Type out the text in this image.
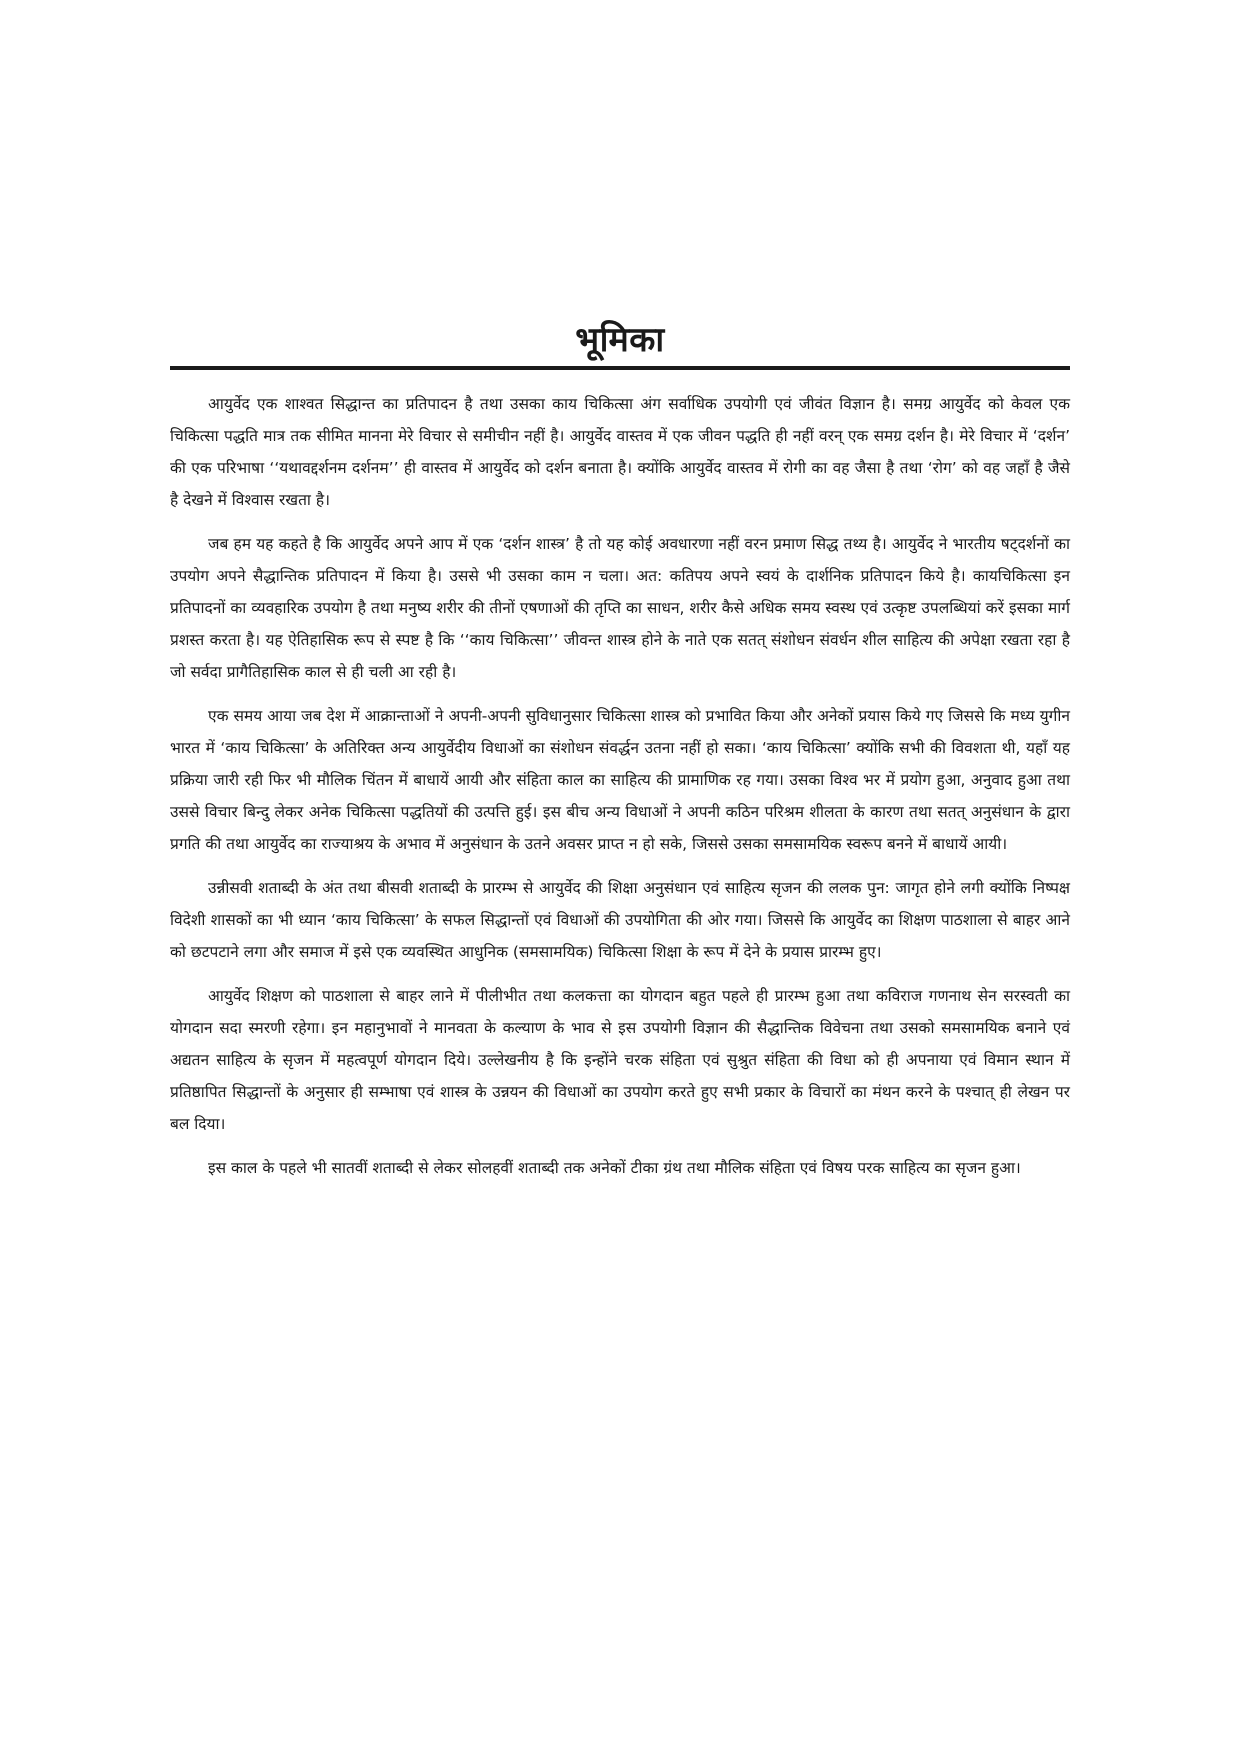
भूमिका

आयुर्वेद एक शाश्वत सिद्धान्त का प्रतिपादन है तथा उसका काय चिकित्सा अंग सर्वाधिक उपयोगी एवं जीवंत विज्ञान है। समग्र आयुर्वेद को केवल एक चिकित्सा पद्धति मात्र तक सीमित मानना मेरे विचार से समीचीन नहीं है। आयुर्वेद वास्तव में एक जीवन पद्धति ही नहीं वरन् एक समग्र दर्शन है। मेरे विचार में ‘दर्शन’ की एक परिभाषा ‘‘यथावद्दर्शनम दर्शनम’’ ही वास्तव में आयुर्वेद को दर्शन बनाता है। क्योंकि आयुर्वेद वास्तव में रोगी का वह जैसा है तथा ‘रोग’ को वह जहाँ है जैसे है देखने में विश्वास रखता है।

जब हम यह कहते है कि आयुर्वेद अपने आप में एक ‘दर्शन शास्त्र’ है तो यह कोई अवधारणा नहीं वरन प्रमाण सिद्ध तथ्य है। आयुर्वेद ने भारतीय षट्दर्शनों का उपयोग अपने सैद्धान्तिक प्रतिपादन में किया है। उससे भी उसका काम न चला। अत: कतिपय अपने स्वयं के दार्शनिक प्रतिपादन किये है। कायचिकित्सा इन प्रतिपादनों का व्यवहारिक उपयोग है तथा मनुष्य शरीर की तीनों एषणाओं की तृप्ति का साधन, शरीर कैसे अधिक समय स्वस्थ एवं उत्कृष्ट उपलब्धियां करें इसका मार्ग प्रशस्त करता है। यह ऐतिहासिक रूप से स्पष्ट है कि ‘‘काय चिकित्सा’’ जीवन्त शास्त्र होने के नाते एक सतत् संशोधन संवर्धन शील साहित्य की अपेक्षा रखता रहा है जो सर्वदा प्रागैतिहासिक काल से ही चली आ रही है।

एक समय आया जब देश में आक्रान्ताओं ने अपनी-अपनी सुविधानुसार चिकित्सा शास्त्र को प्रभावित किया और अनेकों प्रयास किये गए जिससे कि मध्य युगीन भारत में ‘काय चिकित्सा’ के अतिरिक्त अन्य आयुर्वेदीय विधाओं का संशोधन संवर्द्धन उतना नहीं हो सका। ‘काय चिकित्सा’ क्योंकि सभी की विवशता थी, यहाँ यह प्रक्रिया जारी रही फिर भी मौलिक चिंतन में बाधायें आयी और संहिता काल का साहित्य की प्रामाणिक रह गया। उसका विश्व भर में प्रयोग हुआ, अनुवाद हुआ तथा उससे विचार बिन्दु लेकर अनेक चिकित्सा पद्धतियों की उत्पत्ति हुई। इस बीच अन्य विधाओं ने अपनी कठिन परिश्रम शीलता के कारण तथा सतत् अनुसंधान के द्वारा प्रगति की तथा आयुर्वेद का राज्याश्रय के अभाव में अनुसंधान के उतने अवसर प्राप्त न हो सके, जिससे उसका समसामयिक स्वरूप बनने में बाधायें आयी।

उन्नीसवी शताब्दी के अंत तथा बीसवी शताब्दी के प्रारम्भ से आयुर्वेद की शिक्षा अनुसंधान एवं साहित्य सृजन की ललक पुन: जागृत होने लगी क्योंकि निष्पक्ष विदेशी शासकों का भी ध्यान ‘काय चिकित्सा’ के सफल सिद्धान्तों एवं विधाओं की उपयोगिता की ओर गया। जिससे कि आयुर्वेद का शिक्षण पाठशाला से बाहर आने को छटपटाने लगा और समाज में इसे एक व्यवस्थित आधुनिक (समसामयिक) चिकित्सा शिक्षा के रूप में देने के प्रयास प्रारम्भ हुए।

आयुर्वेद शिक्षण को पाठशाला से बाहर लाने में पीलीभीत तथा कलकत्ता का योगदान बहुत पहले ही प्रारम्भ हुआ तथा कविराज गणनाथ सेन सरस्वती का योगदान सदा स्मरणी रहेगा। इन महानुभावों ने मानवता के कल्याण के भाव से इस उपयोगी विज्ञान की सैद्धान्तिक विवेचना तथा उसको समसामयिक बनाने एवं अद्यतन साहित्य के सृजन में महत्वपूर्ण योगदान दिये। उल्लेखनीय है कि इन्होंने चरक संहिता एवं सुश्रुत संहिता की विधा को ही अपनाया एवं विमान स्थान में प्रतिष्ठापित सिद्धान्तों के अनुसार ही सम्भाषा एवं शास्त्र के उन्नयन की विधाओं का उपयोग करते हुए सभी प्रकार के विचारों का मंथन करने के पश्चात् ही लेखन पर बल दिया।

इस काल के पहले भी सातवीं शताब्दी से लेकर सोलहवीं शताब्दी तक अनेकों टीका ग्रंथ तथा मौलिक संहिता एवं विषय परक साहित्य का सृजन हुआ।
